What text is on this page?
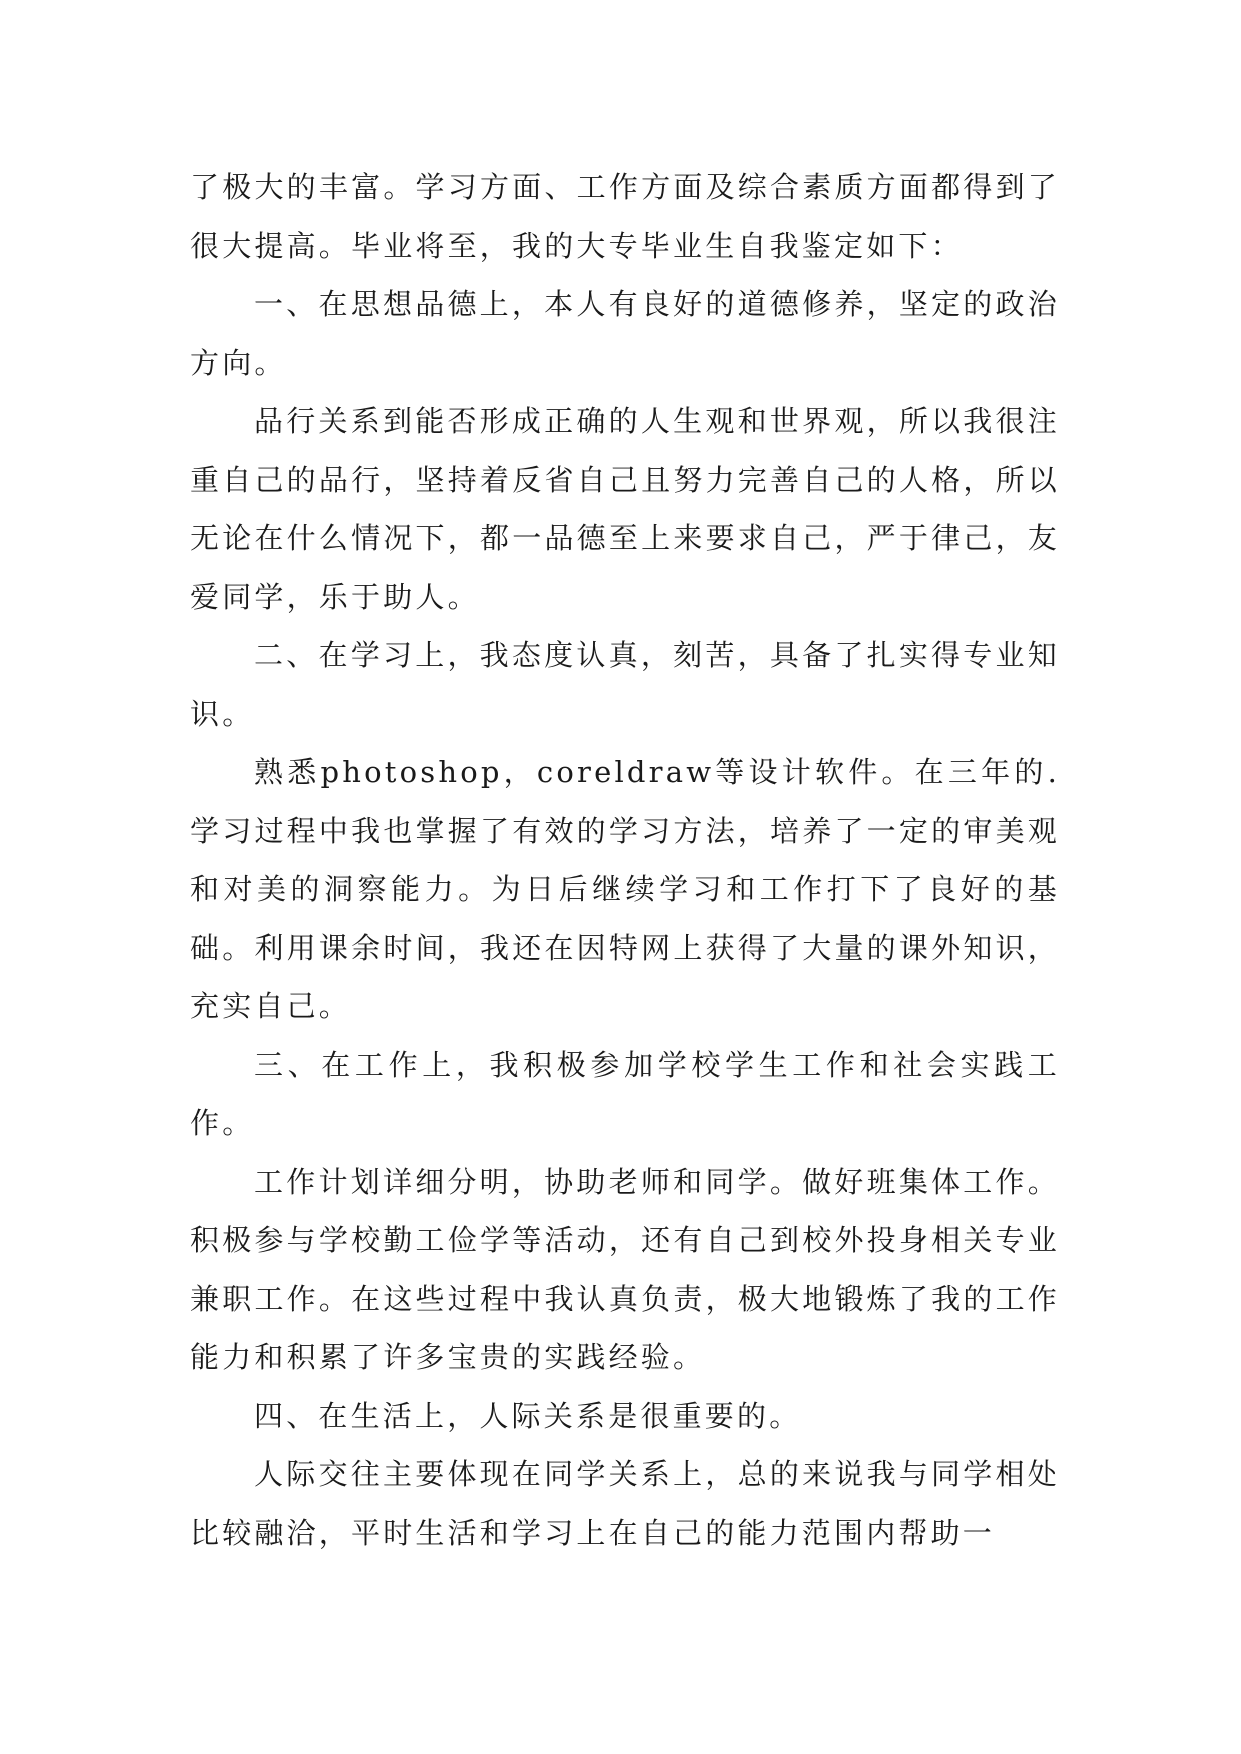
了极大的丰富。学习方面、工作方面及综合素质方面都得到了很大提高。毕业将至，我的大专毕业生自我鉴定如下：

一、在思想品德上，本人有良好的道德修养，坚定的政治方向。

品行关系到能否形成正确的人生观和世界观，所以我很注重自己的品行，坚持着反省自己且努力完善自己的人格，所以无论在什么情况下，都一品德至上来要求自己，严于律己，友爱同学，乐于助人。

二、在学习上，我态度认真，刻苦，具备了扎实得专业知识。

熟悉photoshop，coreldraw等设计软件。在三年的.学习过程中我也掌握了有效的学习方法，培养了一定的审美观和对美的洞察能力。为日后继续学习和工作打下了良好的基础。利用课余时间，我还在因特网上获得了大量的课外知识，充实自己。

三、在工作上，我积极参加学校学生工作和社会实践工作。

工作计划详细分明，协助老师和同学。做好班集体工作。积极参与学校勤工俭学等活动，还有自己到校外投身相关专业兼职工作。在这些过程中我认真负责，极大地锻炼了我的工作能力和积累了许多宝贵的实践经验。

四、在生活上，人际关系是很重要的。

人际交往主要体现在同学关系上，总的来说我与同学相处比较融洽，平时生活和学习上在自己的能力范围内帮助一
